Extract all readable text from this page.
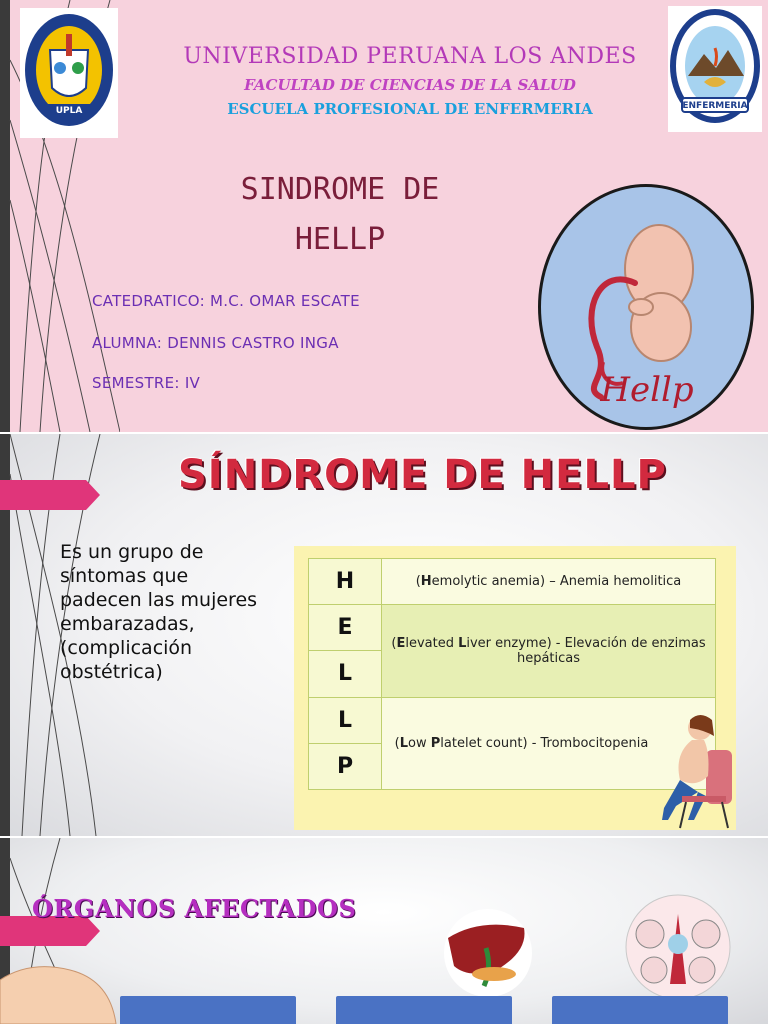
UPLA
UNIVERSIDAD PERUANA LOS ANDES
FACULTAD DE CIENCIAS DE LA SALUD
ESCUELA PROFESIONAL DE ENFERMERIA	ENFERMERIA
SINDROME DE
HELLP
CATEDRATICO: M.C. OMAR ESCATE
ALUMNA: DENNIS CASTRO INGA
SEMESTRE: IV	Hellp
SÍNDROME DE HELLP
Es un grupo de síntomas que padecen las mujeres embarazadas, (complicación obstétrica)
H	(Hemolytic anemia) – Anemia hemolitica
E	(Elevated Liver enzyme) - Elevación de enzimas hepáticas
L	
L	(Low Platelet count) - Trombocitopenia
P	
ÓRGANOS AFECTADOS
